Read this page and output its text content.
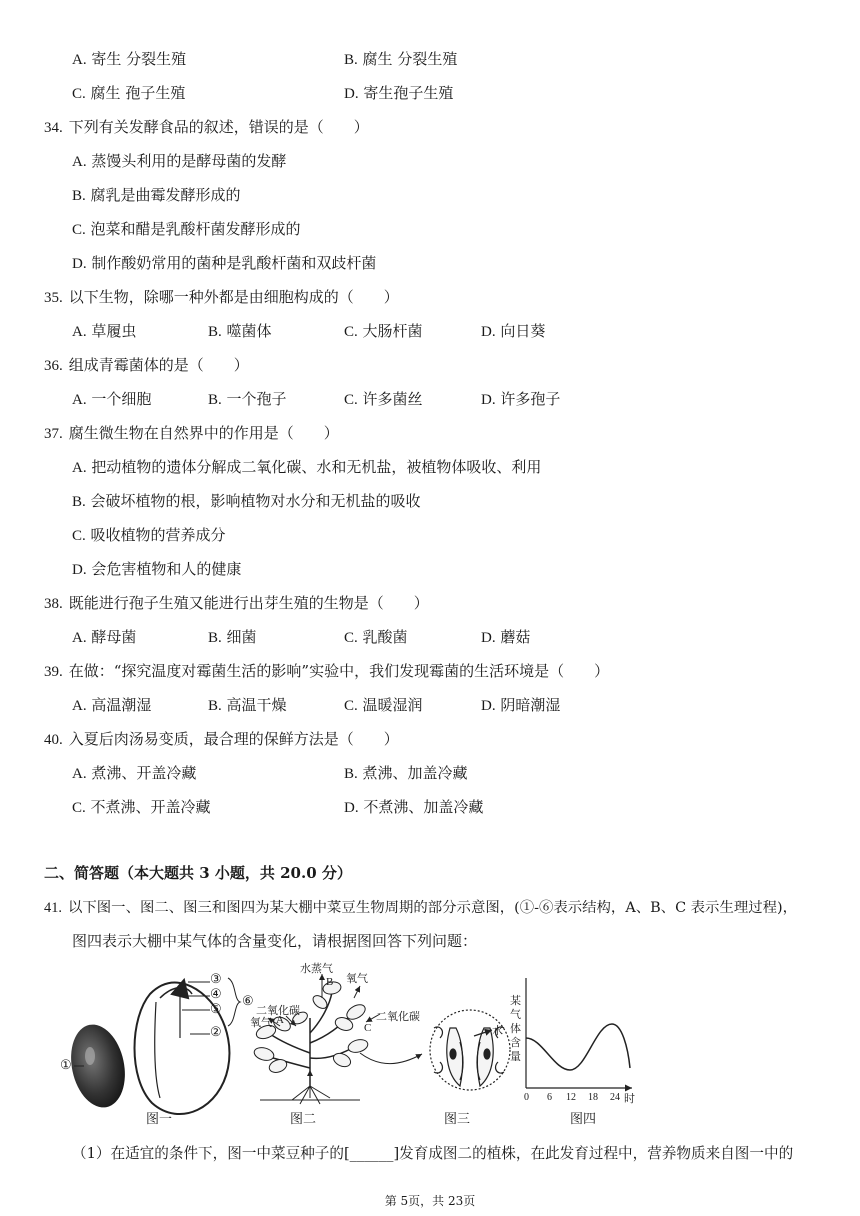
A. 寄生 分裂生殖	B. 腐生 分裂生殖
C. 腐生 孢子生殖	D. 寄生孢子生殖
34. 下列有关发酵食品的叙述，错误的是（　　）
A. 蒸馒头利用的是酵母菌的发酵
B. 腐乳是曲霉发酵形成的
C. 泡菜和醋是乳酸杆菌发酵形成的
D. 制作酸奶常用的菌种是乳酸杆菌和双歧杆菌
35. 以下生物，除哪一种外都是由细胞构成的（　　）
A. 草履虫	B. 噬菌体	C. 大肠杆菌	D. 向日葵
36. 组成青霉菌体的是（　　）
A. 一个细胞	B. 一个孢子	C. 许多菌丝	D. 许多孢子
37. 腐生微生物在自然界中的作用是（　　）
A. 把动植物的遗体分解成二氧化碳、水和无机盐，被植物体吸收、利用
B. 会破坏植物的根，影响植物对水分和无机盐的吸收
C. 吸收植物的营养成分
D. 会危害植物和人的健康
38. 既能进行孢子生殖又能进行出芽生殖的生物是（　　）
A. 酵母菌	B. 细菌	C. 乳酸菌	D. 蘑菇
39. 在做：“探究温度对霉菌生活的影响”实验中，我们发现霉菌的生活环境是（　　）
A. 高温潮湿	B. 高温干燥	C. 温暖湿润	D. 阴暗潮湿
40. 入夏后肉汤易变质，最合理的保鲜方法是（　　）
A. 煮沸、开盖冷藏	B. 煮沸、加盖冷藏
C. 不煮沸、开盖冷藏	D. 不煮沸、加盖冷藏
二、简答题（本大题共 3 小题，共 20.0 分）
41. 以下图一、图二、图三和图四为某大棚中菜豆生物周期的部分示意图，(①-⑥表示结构，A、B、C 表示生理过程)，
图四表示大棚中某气体的含量变化，请根据图回答下列问题：
③
④
⑤
②
⑥
①
图一
水蒸气
B 氧气
二氧化碳
氧气 A	二氧化碳
C
图二
水
图三
某
气
体
含
量
0 6 12 18 24 时
图四
（1）在适宜的条件下，图一中菜豆种子的[______]发育成图二的植株，在此发育过程中，营养物质来自图一中的
第 5页，共 23页
